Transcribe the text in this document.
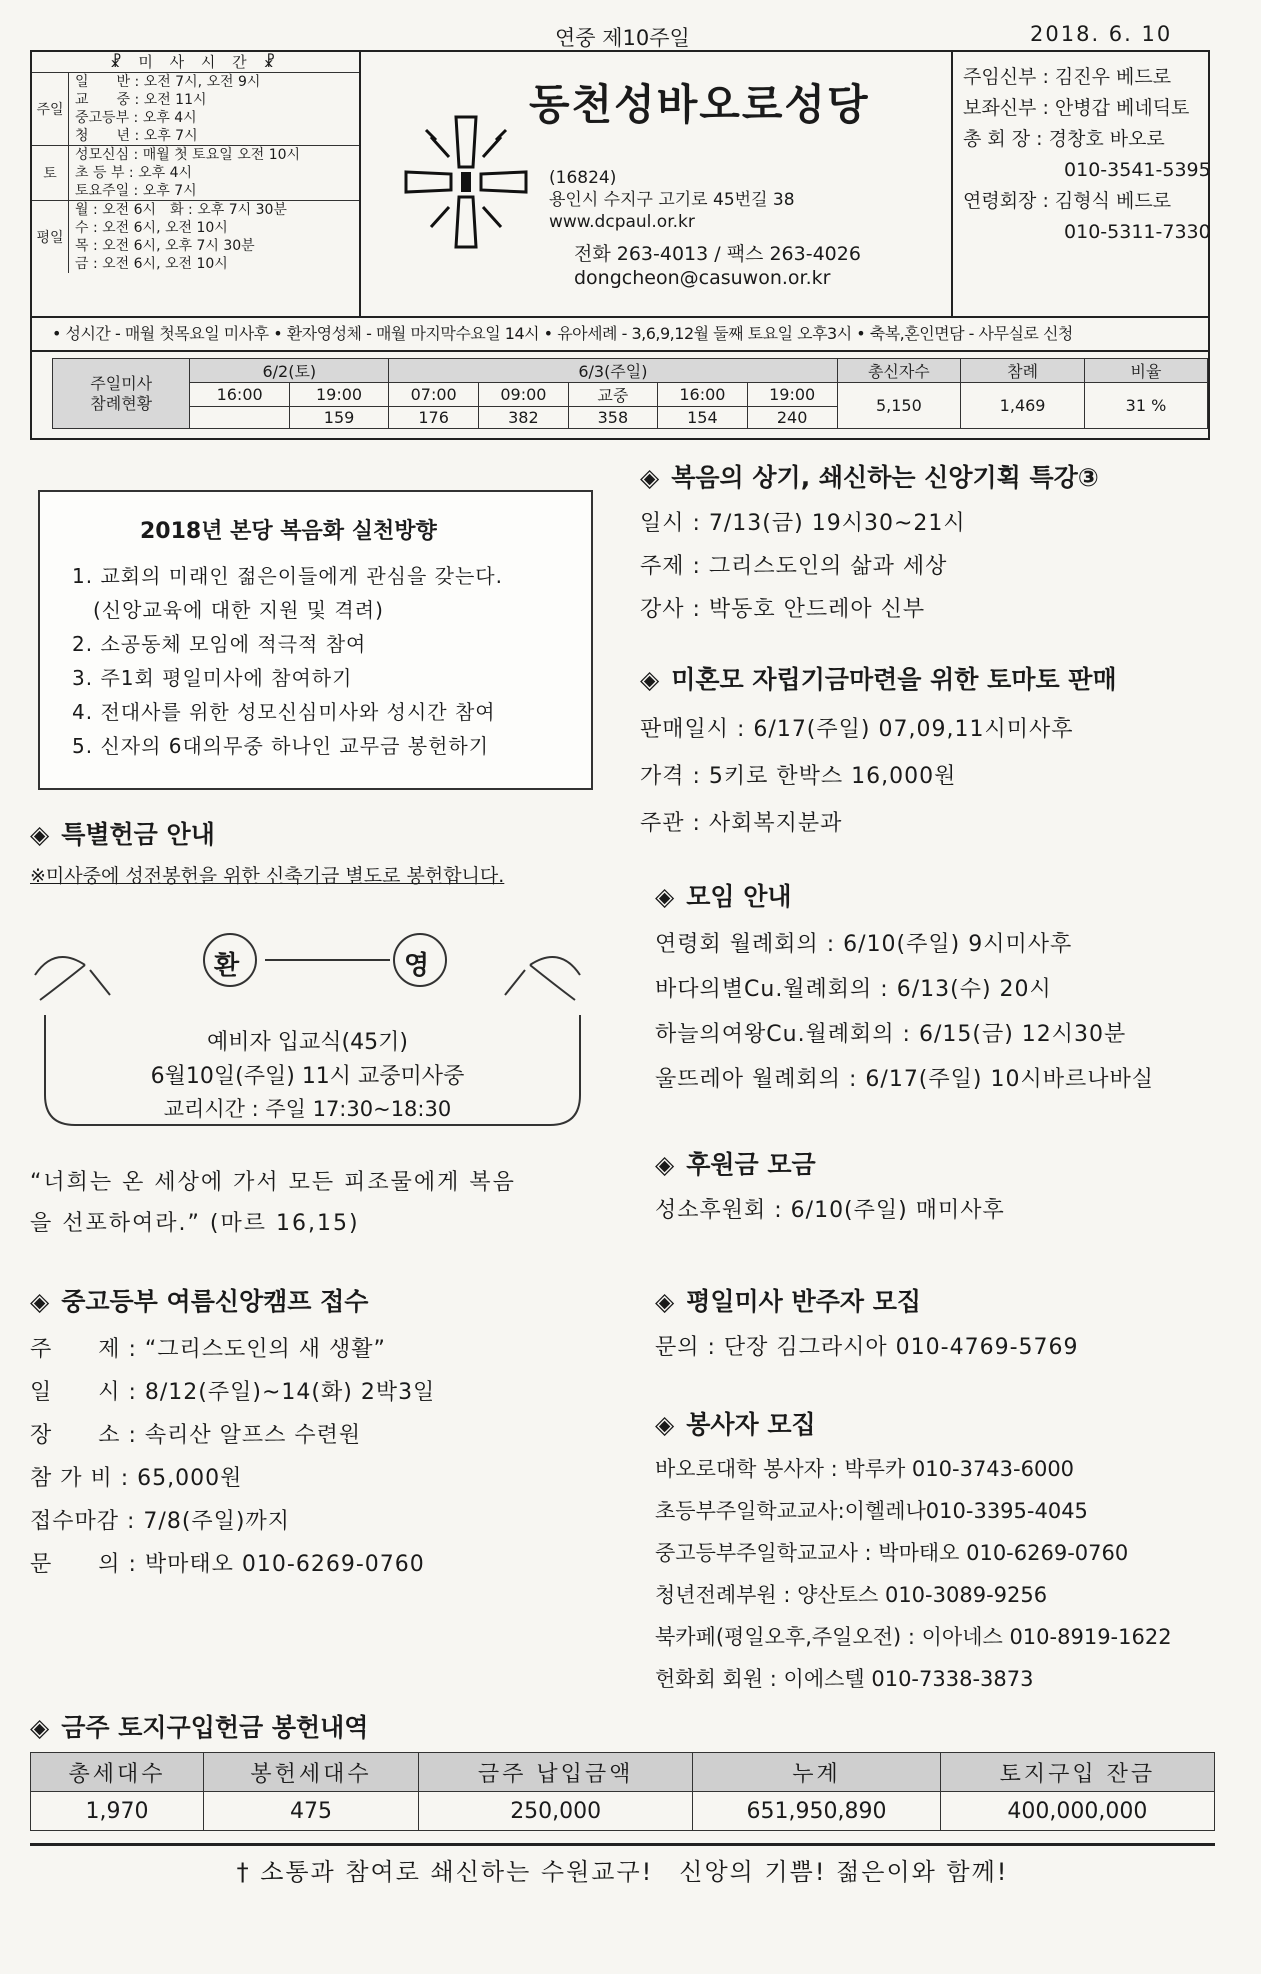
연중 제10주일	2018. 6. 10
☧ 미 사 시 간 ☧
주일
일　　반 : 오전 7시, 오전 9시
교　　중 : 오전 11시
중고등부 : 오후 4시
청　　년 : 오후 7시
토
성모신심 : 매월 첫 토요일 오전 10시
초 등 부 : 오후 4시
토요주일 : 오후 7시
평일
월 : 오전 6시　화 : 오후 7시 30분
수 : 오전 6시, 오전 10시
목 : 오전 6시, 오후 7시 30분
금 : 오전 6시, 오전 10시
동천성바오로성당
(16824)
용인시 수지구 고기로 45번길 38
www.dcpaul.or.kr
전화 263-4013 / 팩스 263-4026
dongcheon@casuwon.or.kr
주임신부 : 김진우 베드로
보좌신부 : 안병갑 베네딕토
총 회 장 : 경창호 바오로
　　　　　 010-3541-5395
연령회장 : 김형식 베드로
　　　　　 010-5311-7330
• 성시간 - 매월 첫목요일 미사후 • 환자영성체 - 매월 마지막수요일 14시 • 유아세례 - 3,6,9,12월 둘째 토요일 오후3시 • 축복,혼인면담 - 사무실로 신청
주일미사
참례현황	6/2(토)		6/3(주일)					총신자수	참례	비율
	16:00	19:00	07:00	09:00	교중	16:00	19:00	5,150	1,469	31 %
		159	176	382	358	154	240			
2018년 본당 복음화 실천방향
1. 교회의 미래인 젊은이들에게 관심을 갖는다.
　(신앙교육에 대한 지원 및 격려)
2. 소공동체 모임에 적극적 참여
3. 주1회 평일미사에 참여하기
4. 전대사를 위한 성모신심미사와 성시간 참여
5. 신자의 6대의무중 하나인 교무금 봉헌하기
◈ 특별헌금 안내
※미사중에 성전봉헌을 위한 신축기금 별도로 봉헌합니다.
환	영
예비자 입교식(45기)
6월10일(주일) 11시 교중미사중
교리시간 : 주일 17:30~18:30
“너희는 온 세상에 가서 모든 피조물에게 복음
을 선포하여라.” (마르 16,15)
◈ 중고등부 여름신앙캠프 접수
주　　제 : “그리스도인의 새 생활”
일　　시 : 8/12(주일)~14(화) 2박3일
장　　소 : 속리산 알프스 수련원
참 가 비 : 65,000원
접수마감 : 7/8(주일)까지
문　　의 : 박마태오 010-6269-0760
◈ 복음의 상기, 쇄신하는 신앙기획 특강③
일시 : 7/13(금) 19시30~21시
주제 : 그리스도인의 삶과 세상
강사 : 박동호 안드레아 신부
◈ 미혼모 자립기금마련을 위한 토마토 판매
판매일시 : 6/17(주일) 07,09,11시미사후
가격 : 5키로 한박스 16,000원
주관 : 사회복지분과
◈ 모임 안내
연령회 월례회의 : 6/10(주일) 9시미사후
바다의별Cu.월례회의 : 6/13(수) 20시
하늘의여왕Cu.월례회의 : 6/15(금) 12시30분
울뜨레아 월례회의 : 6/17(주일) 10시바르나바실
◈ 후원금 모금
성소후원회 : 6/10(주일) 매미사후
◈ 평일미사 반주자 모집
문의 : 단장 김그라시아 010-4769-5769
◈ 봉사자 모집
바오로대학 봉사자 : 박루카 010-3743-6000
초등부주일학교교사:이헬레나010-3395-4045
중고등부주일학교교사 : 박마태오 010-6269-0760
청년전례부원 : 양산토스 010-3089-9256
북카페(평일오후,주일오전) : 이아네스 010-8919-1622
헌화회 회원 : 이에스텔 010-7338-3873
◈ 금주 토지구입헌금 봉헌내역
총세대수	봉헌세대수	금주 납입금액	누계	토지구입 잔금
1,970	475	250,000	651,950,890	400,000,000
† 소통과 참여로 쇄신하는 수원교구!　신앙의 기쁨! 젊은이와 함께!
